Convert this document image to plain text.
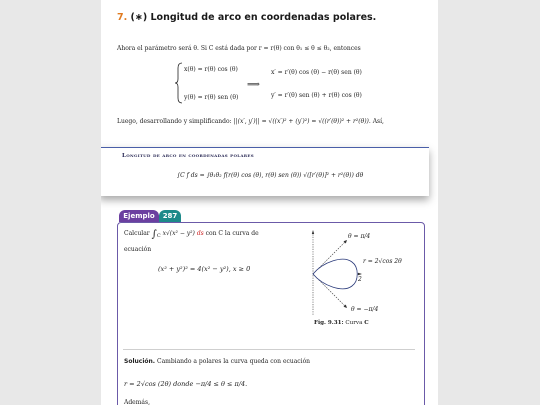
7. (∗) Longitud de arco en coordenadas polares.
Ahora el parámetro será θ. Si C está dada por r = r(θ) con θ₁ ≤ θ ≤ θ₂, entonces
x(θ) = r(θ) cos (θ)
y(θ) = r(θ) sen (θ)
⟹
x′ = r′(θ) cos (θ) − r(θ) sen (θ)
y′ = r′(θ) sen (θ) + r(θ) cos (θ)
Luego, desarrollando y simplificando: ||(x′, y′)|| = √((x′)² + (y′)²) = √((r′(θ))² + r²(θ)). Así,
Longitud de arco en coordenadas polares
∫C f ds = ∫θ₁θ₂ f(r(θ) cos (θ), r(θ) sen (θ)) √([r′(θ)]² + r²(θ)) dθ
Ejemplo	287
Calcular $\int_C$ x√(x² − y²) ds con C la curva de
ecuación
(x² + y²)² = 4(x² − y²), x ≥ 0
θ = π/4
r = 2√cos 2θ
2
θ = −π/4
Fig. 9.31: Curva C
Solución. Cambiando a polares la curva queda con ecuación
r = 2√cos (2θ) donde −π/4 ≤ θ ≤ π/4.
Además,
